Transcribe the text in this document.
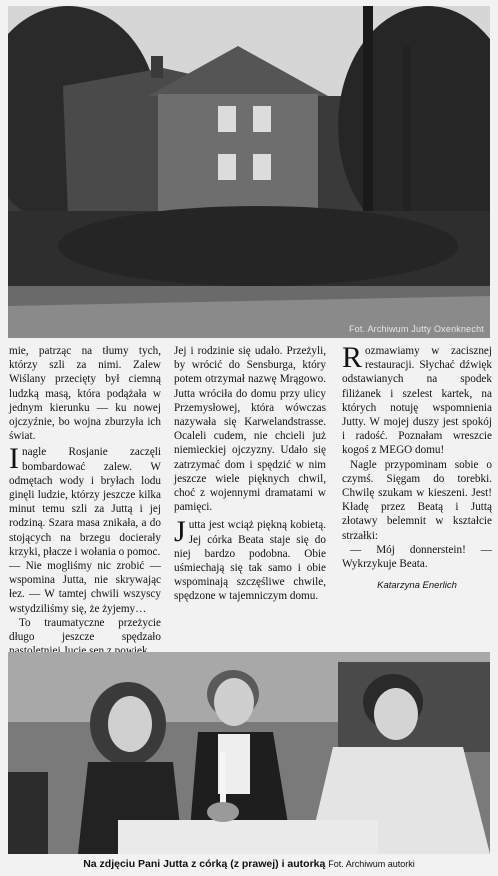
Fot. Archiwum Jutty Oxenknecht

mie, patrząc na tłumy tych, którzy szli za nimi. Zalew Wiślany przecięty był ciemną ludzką masą, która podążała w jednym kierunku — ku nowej ojczyźnie, bo wojna zburzyła ich świat.

Inagle Rosjanie zaczęli bombardować zalew. W odmętach wody i bryłach lodu ginęli ludzie, którzy jeszcze kilka minut temu szli za Juttą i jej rodziną. Szara masa znikała, a do stojących na brzegu docierały krzyki, płacze i wołania o pomoc.

— Nie mogliśmy nic zrobić — wspomina Jutta, nie skrywając łez. — W tamtej chwili wszyscy wstydziliśmy się, że żyjemy…

To traumatyczne przeżycie długo jeszcze spędzało

Jej i rodzinie się udało. Przeżyli, by wrócić do Sensburga, który potem otrzymał nazwę Mrągowo. Jutta wróciła do domu przy ulicy Przemysłowej, która wówczas nazywała się Karwelandstrasse. Ocaleli cudem, nie chcieli już niemieckiej ojczyzny. Udało się zatrzymać dom i spędzić w nim jeszcze wiele pięknych chwil, choć z wojennymi dramatami w pamięci.

Jutta jest wciąż piękną kobietą. Jej córka Beata staje się do niej bardzo podobna. Obie uśmiechają się tak samo i obie wspominają szczęśliwe chwile, spędzone w tajemniczym domu.

Rozmawiamy w zacisznej restauracji. Słychać dźwięk odstawianych na spodek filiżanek i szelest kartek, na których notuję wspomnienia Jutty. W mojej duszy jest spokój i radość. Poznałam wreszcie kogoś z MEGO domu!

Nagle przypominam sobie o czymś. Sięgam do torebki. Chwilę szukam w kieszeni. Jest! Kładę przez Beatą i Juttą złotawy belemnit w kształcie strzałki:

— Mój donnerstein! — Wykrzykuje Beata.

Katarzyna Enerlich

Na zdjęciu Pani Jutta z córką (z prawej) i autorką Fot. Archiwum autorki
